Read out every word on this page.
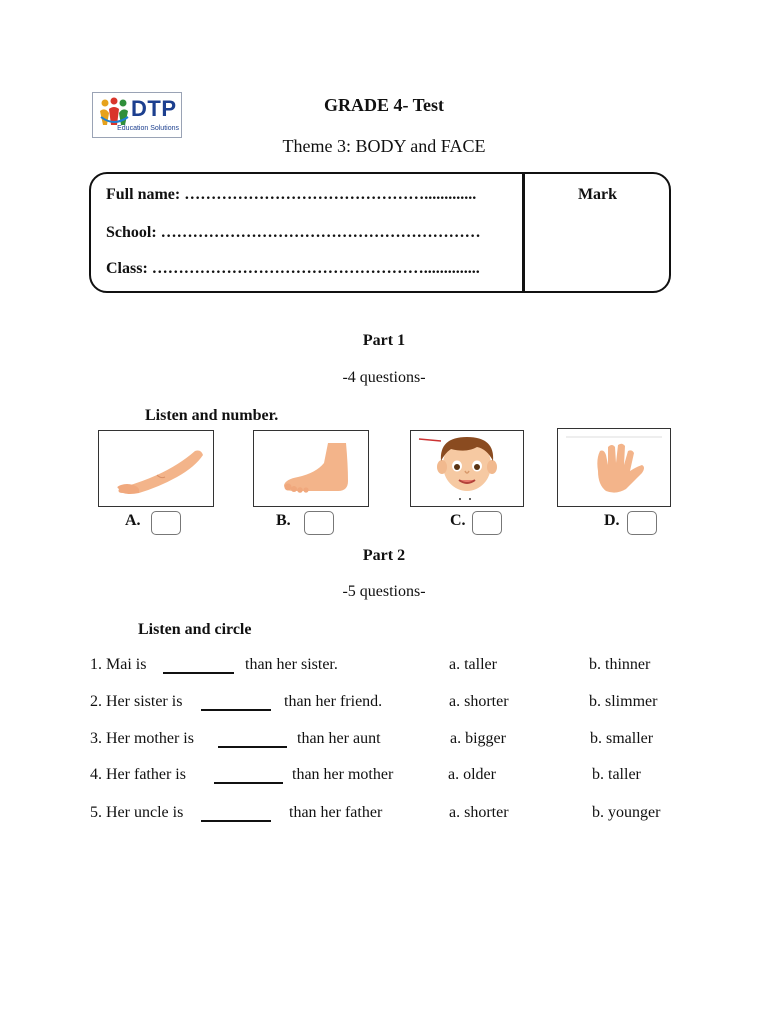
DTP
Education Solutions
GRADE 4- Test
Theme 3: BODY and FACE
Full name: ……………………………………….............
School: ……………………………………………………
Class: ……………………………………………..............
Mark
Part 1
-4 questions-
Listen and number.
A.	B.	C.	D.
Part 2
-5 questions-
Listen and circle
1. Mai is	than her sister.	a. taller	b. thinner
2. Her sister is	than her friend.	a. shorter	b. slimmer
3. Her mother is	than her aunt	a. bigger	b. smaller
4. Her father is	than her mother	a. older	b. taller
5. Her uncle is	than her father	a. shorter	b. younger
